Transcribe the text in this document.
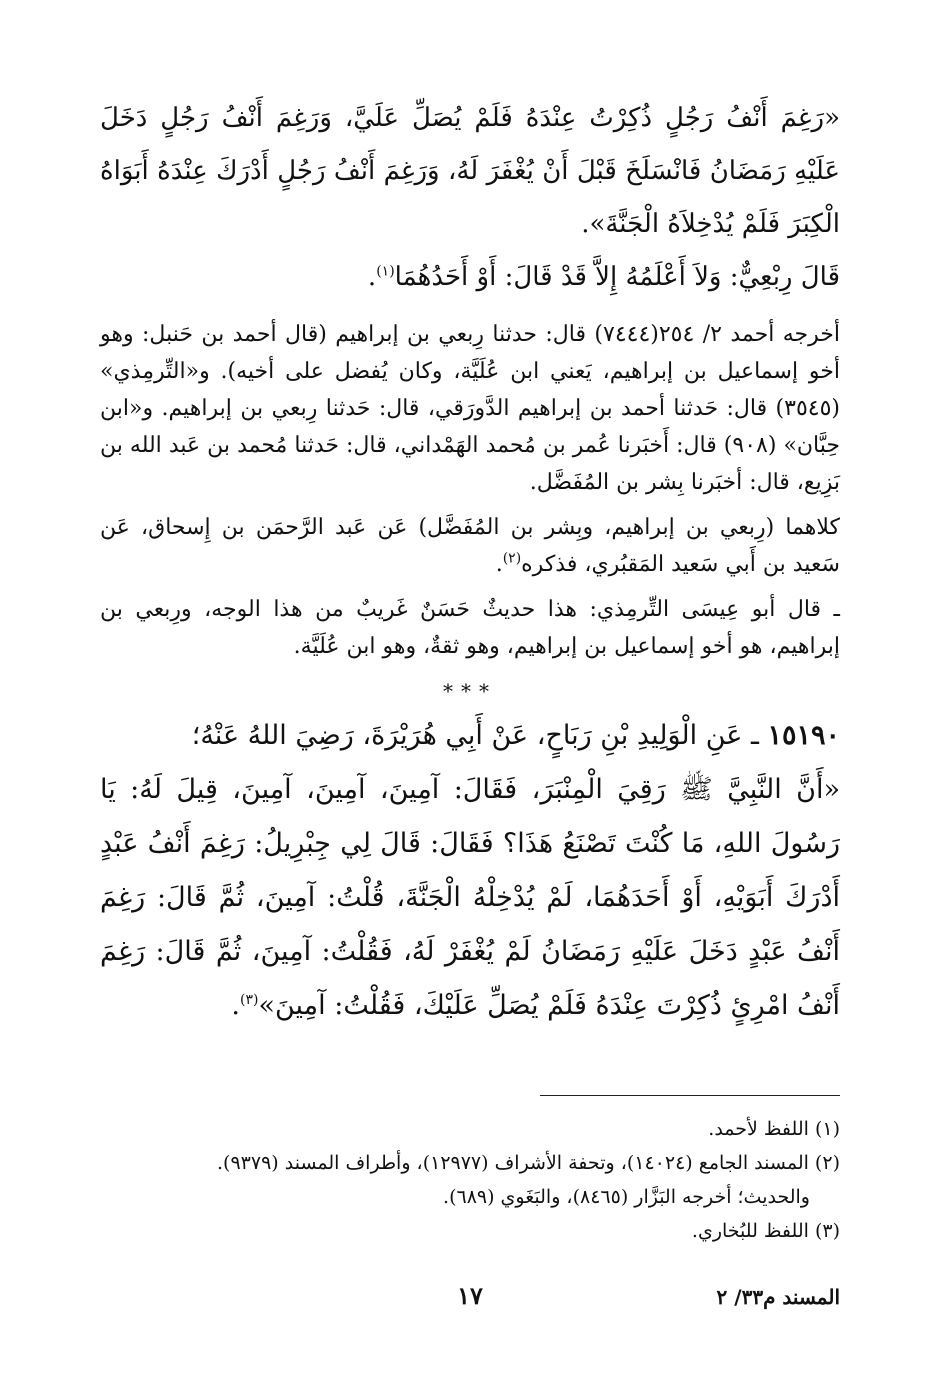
«رَغِمَ أَنْفُ رَجُلٍ ذُكِرْتُ عِنْدَهُ فَلَمْ يُصَلِّ عَلَيَّ، وَرَغِمَ أَنْفُ رَجُلٍ دَخَلَ عَلَيْهِ رَمَضَانُ فَانْسَلَخَ قَبْلَ أَنْ يُغْفَرَ لَهُ، وَرَغِمَ أَنْفُ رَجُلٍ أَدْرَكَ عِنْدَهُ أَبَوَاهُ الْكِبَرَ فَلَمْ يُدْخِلاَهُ الْجَنَّةَ».

قَالَ رِبْعِيٌّ: وَلاَ أَعْلَمُهُ إِلاَّ قَدْ قَالَ: أَوْ أَحَدُهُمَا$^{(١)}$.

أخرجه أحمد ٢/ ٢٥٤(٧٤٤٤) قال: حدثنا رِبعي بن إبراهيم (قال أحمد بن حَنبل: وهو أخو إسماعيل بن إبراهيم، يَعني ابن عُلَيَّة، وكان يُفضل على أخيه). و«التِّرمِذي» (٣٥٤٥) قال: حَدثنا أحمد بن إبراهيم الدَّورَقي، قال: حَدثنا رِبعي بن إبراهيم. و«ابن حِبَّان» (٩٠٨) قال: أَخبَرنا عُمر بن مُحمد الهَمْداني، قال: حَدثنا مُحمد بن عَبد الله بن بَزِيع، قال: أخبَرنا بِشر بن المُفَضَّل.

كلاهما (رِبعي بن إبراهيم، وبِشر بن المُفَضَّل) عَن عَبد الرَّحمَن بن إِسحاق، عَن سَعيد بن أَبي سَعيد المَقبُري، فذكره$^{(٢)}$.

ـ قال أبو عِيسَى التِّرمِذي: هذا حديثٌ حَسَنٌ غَريبٌ من هذا الوجه، ورِبعي بن إبراهيم، هو أخو إسماعيل بن إبراهيم، وهو ثقةٌ، وهو ابن عُلَيَّة.

***

١٥١٩٠ ـ عَنِ الْوَلِيدِ بْنِ رَبَاحٍ، عَنْ أَبِي هُرَيْرَةَ، رَضِيَ اللهُ عَنْهُ؛

«أَنَّ النَّبِيَّ ﷺ رَقِيَ الْمِنْبَرَ، فَقَالَ: آمِينَ، آمِينَ، آمِينَ، قِيلَ لَهُ: يَا رَسُولَ اللهِ، مَا كُنْتَ تَصْنَعُ هَذَا؟ فَقَالَ: قَالَ لِي جِبْرِيلُ: رَغِمَ أَنْفُ عَبْدٍ أَدْرَكَ أَبَوَيْهِ، أَوْ أَحَدَهُمَا، لَمْ يُدْخِلْهُ الْجَنَّةَ، قُلْتُ: آمِينَ، ثُمَّ قَالَ: رَغِمَ أَنْفُ عَبْدٍ دَخَلَ عَلَيْهِ رَمَضَانُ لَمْ يُغْفَرْ لَهُ، فَقُلْتُ: آمِينَ، ثُمَّ قَالَ: رَغِمَ أَنْفُ امْرِئٍ ذُكِرْتَ عِنْدَهُ فَلَمْ يُصَلِّ عَلَيْكَ، فَقُلْتُ: آمِينَ»$^{(٣)}$.

(١) اللفظ لأحمد.

(٢) المسند الجامع (١٤٠٢٤)، وتحفة الأشراف (١٢٩٧٧)، وأطراف المسند (٩٣٧٩).

والحديث؛ أخرجه البَزَّار (٨٤٦٥)، والبَغَوي (٦٨٩).

(٣) اللفظ للبُخاري.

١٧	المسند م٣٣/ ٢
